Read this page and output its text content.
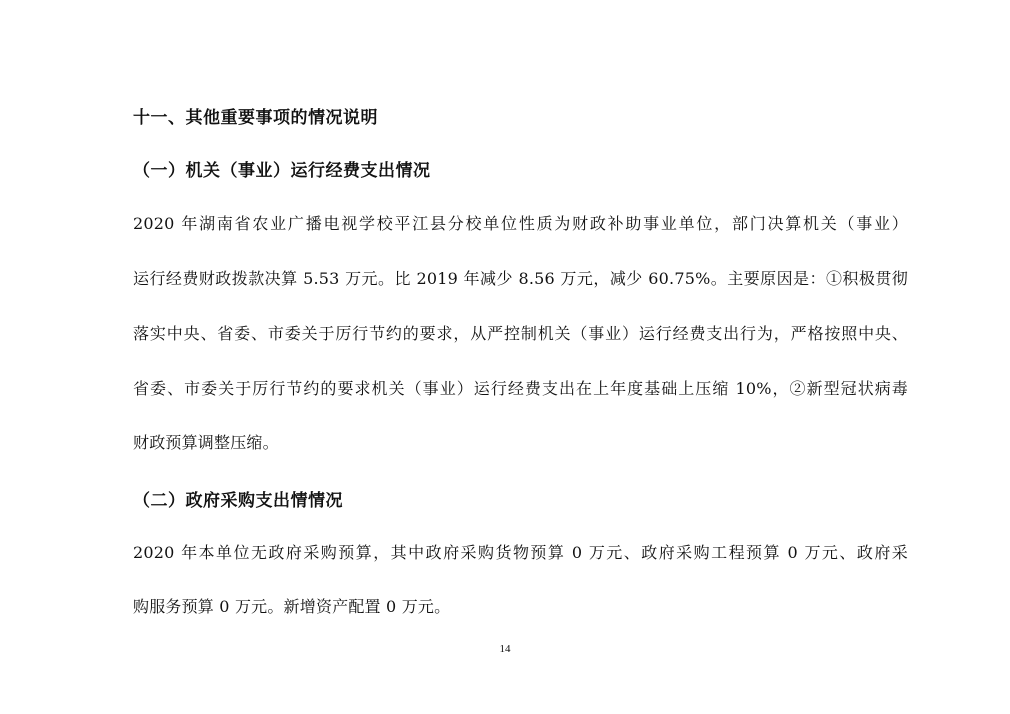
十一、其他重要事项的情况说明
（一）机关（事业）运行经费支出情况
2020 年湖南省农业广播电视学校平江县分校单位性质为财政补助事业单位，部门决算机关（事业）
运行经费财政拨款决算 5.53 万元。比 2019 年减少 8.56 万元，减少 60.75%。主要原因是：①积极贯彻
落实中央、省委、市委关于厉行节约的要求，从严控制机关（事业）运行经费支出行为，严格按照中央、
省委、市委关于厉行节约的要求机关（事业）运行经费支出在上年度基础上压缩 10%，②新型冠状病毒
财政预算调整压缩。
（二）政府采购支出情情况
2020 年本单位无政府采购预算，其中政府采购货物预算 0 万元、政府采购工程预算 0 万元、政府采
购服务预算 0 万元。新增资产配置 0 万元。
14
